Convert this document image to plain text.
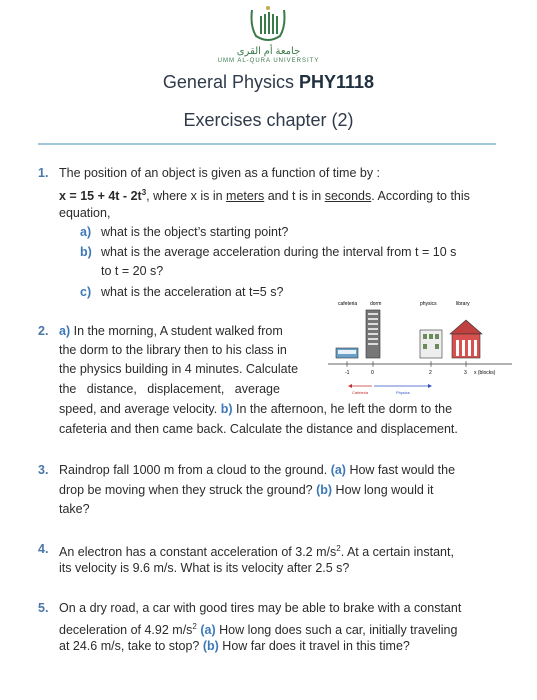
جامعة أم القرى
UMM AL-QURA UNIVERSITY
General Physics PHY1118
Exercises chapter (2)
1. The position of an object is given as a function of time by :
$x = 15 + 4t - 2t^3$, where x is in meters and t is in seconds. According to this
equation,
a) what is the object’s starting point?
b) what is the average acceleration during the interval from t = 10 s
to t = 20 s?
c) what is the acceleration at t=5 s?
2. a) In the morning, A student walked from
the dorm to the library then to his class in
the physics building in 4 minutes. Calculate
the   distance,   displacement,   average
speed, and average velocity. b) In the afternoon, he left the dorm to the
cafeteria and then came back. Calculate the distance and displacement.
cafeteria	dorm	physics	library
-1	0	2	3 x (blocks)
Cafeteria	Physics
3. Raindrop fall 1000 m from a cloud to the ground. (a) How fast would the
drop be moving when they struck the ground? (b) How long would it
take?
4. An electron has a constant acceleration of 3.2 $m/s^2$. At a certain instant,
its velocity is 9.6 m/s. What is its velocity after 2.5 s?
5. On a dry road, a car with good tires may be able to brake with a constant
deceleration of 4.92 $m/s^2$ (a) How long does such a car, initially traveling
at 24.6 m/s, take to stop? (b) How far does it travel in this time?
